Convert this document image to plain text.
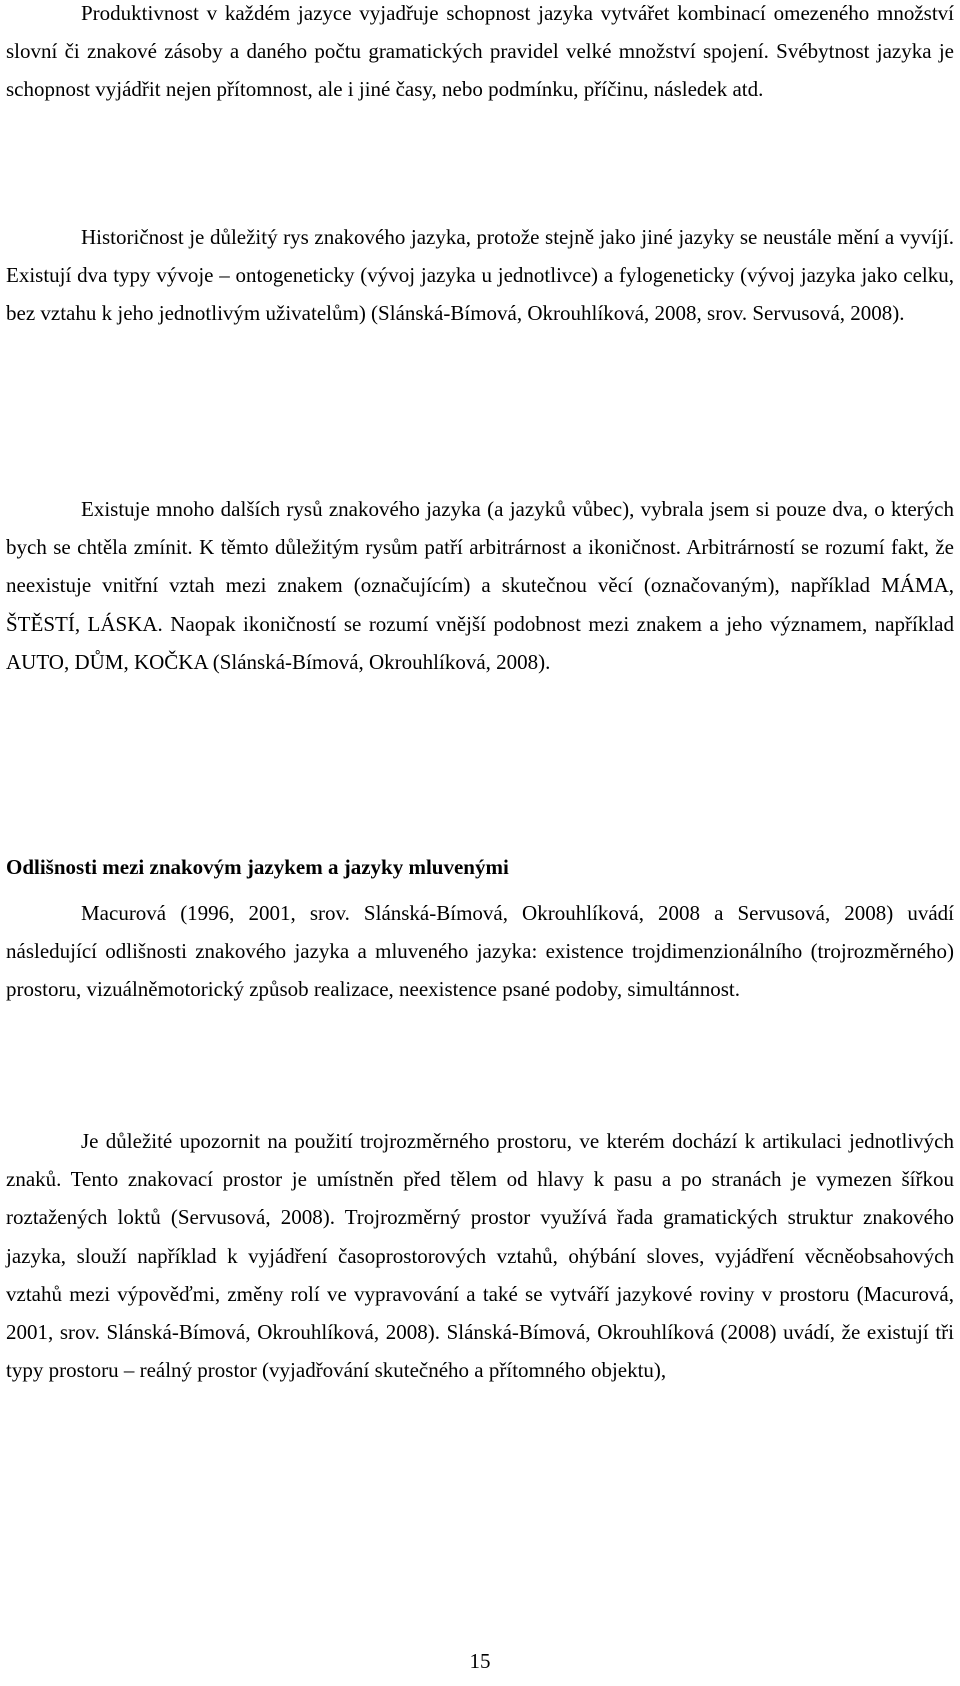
Produktivnost v každém jazyce vyjadřuje schopnost jazyka vytvářet kombinací omezeného množství slovní či znakové zásoby a daného počtu gramatických pravidel velké množství spojení. Svébytnost jazyka je schopnost vyjádřit nejen přítomnost, ale i jiné časy, nebo podmínku, příčinu, následek atd.

Historičnost je důležitý rys znakového jazyka, protože stejně jako jiné jazyky se neustále mění a vyvíjí. Existují dva typy vývoje – ontogeneticky (vývoj jazyka u jednotlivce) a fylogeneticky (vývoj jazyka jako celku, bez vztahu k jeho jednotlivým uživatelům) (Slánská-Bímová, Okrouhlíková, 2008, srov. Servusová, 2008).

Existuje mnoho dalších rysů znakového jazyka (a jazyků vůbec), vybrala jsem si pouze dva, o kterých bych se chtěla zmínit. K těmto důležitým rysům patří arbitrárnost a ikoničnost. Arbitrárností se rozumí fakt, že neexistuje vnitřní vztah mezi znakem (označujícím) a skutečnou věcí (označovaným), například MÁMA, ŠTĚSTÍ, LÁSKA. Naopak ikoničností se rozumí vnější podobnost mezi znakem a jeho významem, například AUTO, DŮM, KOČKA (Slánská-Bímová, Okrouhlíková, 2008).

Odlišnosti mezi znakovým jazykem a jazyky mluvenými

Macurová (1996, 2001, srov. Slánská-Bímová, Okrouhlíková, 2008 a Servusová, 2008) uvádí následující odlišnosti znakového jazyka a mluveného jazyka: existence trojdimenzionálního (trojrozměrného) prostoru, vizuálněmotorický způsob realizace, neexistence psané podoby, simultánnost.

Je důležité upozornit na použití trojrozměrného prostoru, ve kterém dochází k artikulaci jednotlivých znaků. Tento znakovací prostor je umístněn před tělem od hlavy k pasu a po stranách je vymezen šířkou roztažených loktů (Servusová, 2008). Trojrozměrný prostor využívá řada gramatických struktur znakového jazyka, slouží například k vyjádření časoprostorových vztahů, ohýbání sloves, vyjádření věcněobsahových vztahů mezi výpověďmi, změny rolí ve vypravování a také se vytváří jazykové roviny v prostoru (Macurová, 2001, srov. Slánská-Bímová, Okrouhlíková, 2008). Slánská-Bímová, Okrouhlíková (2008) uvádí, že existují tři typy prostoru – reálný prostor (vyjadřování skutečného a přítomného objektu),

15
